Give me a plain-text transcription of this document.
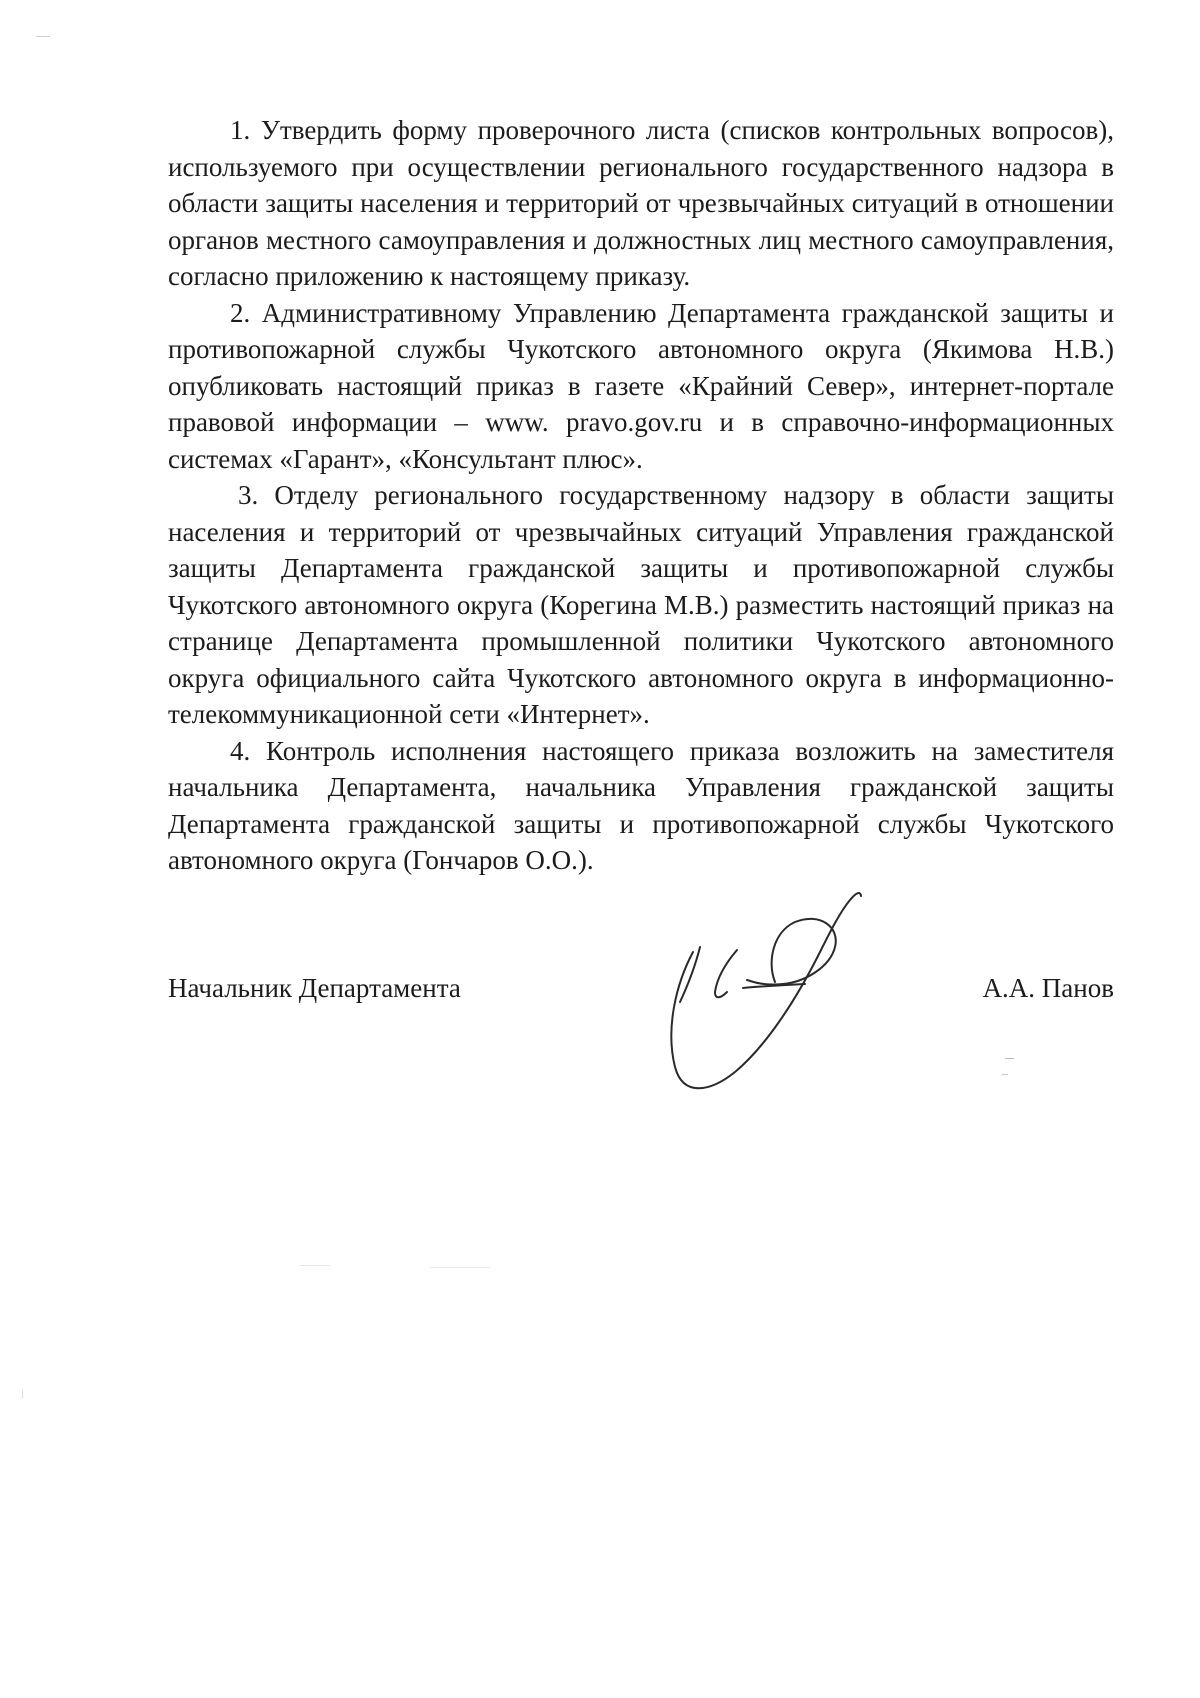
1. Утвердить форму проверочного листа (списков контрольных вопросов), используемого при осуществлении регионального государственного надзора в области защиты населения и территорий от чрезвычайных ситуаций в отношении органов местного самоуправления и должностных лиц местного самоуправления, согласно приложению к настоящему приказу.

2. Административному Управлению Департамента гражданской защиты и противопожарной службы Чукотского автономного округа (Якимова Н.В.) опубликовать настоящий приказ в газете «Крайний Север», интернет-портале правовой информации – www. pravo.gov.ru и в справочно-информационных системах «Гарант», «Консультант плюс».

3. Отделу регионального государственному надзору в области защиты населения и территорий от чрезвычайных ситуаций Управления гражданской защиты Департамента гражданской защиты и противопожарной службы Чукотского автономного округа (Корегина М.В.) разместить настоящий приказ на странице Департамента промышленной политики Чукотского автономного округа официального сайта Чукотского автономного округа в информационно-телекоммуникационной сети «Интернет».

4. Контроль исполнения настоящего приказа возложить на заместителя начальника Департамента, начальника Управления гражданской защиты Департамента гражданской защиты и противопожарной службы Чукотского автономного округа (Гончаров О.О.).

Начальник Департамента	А.А. Панов
